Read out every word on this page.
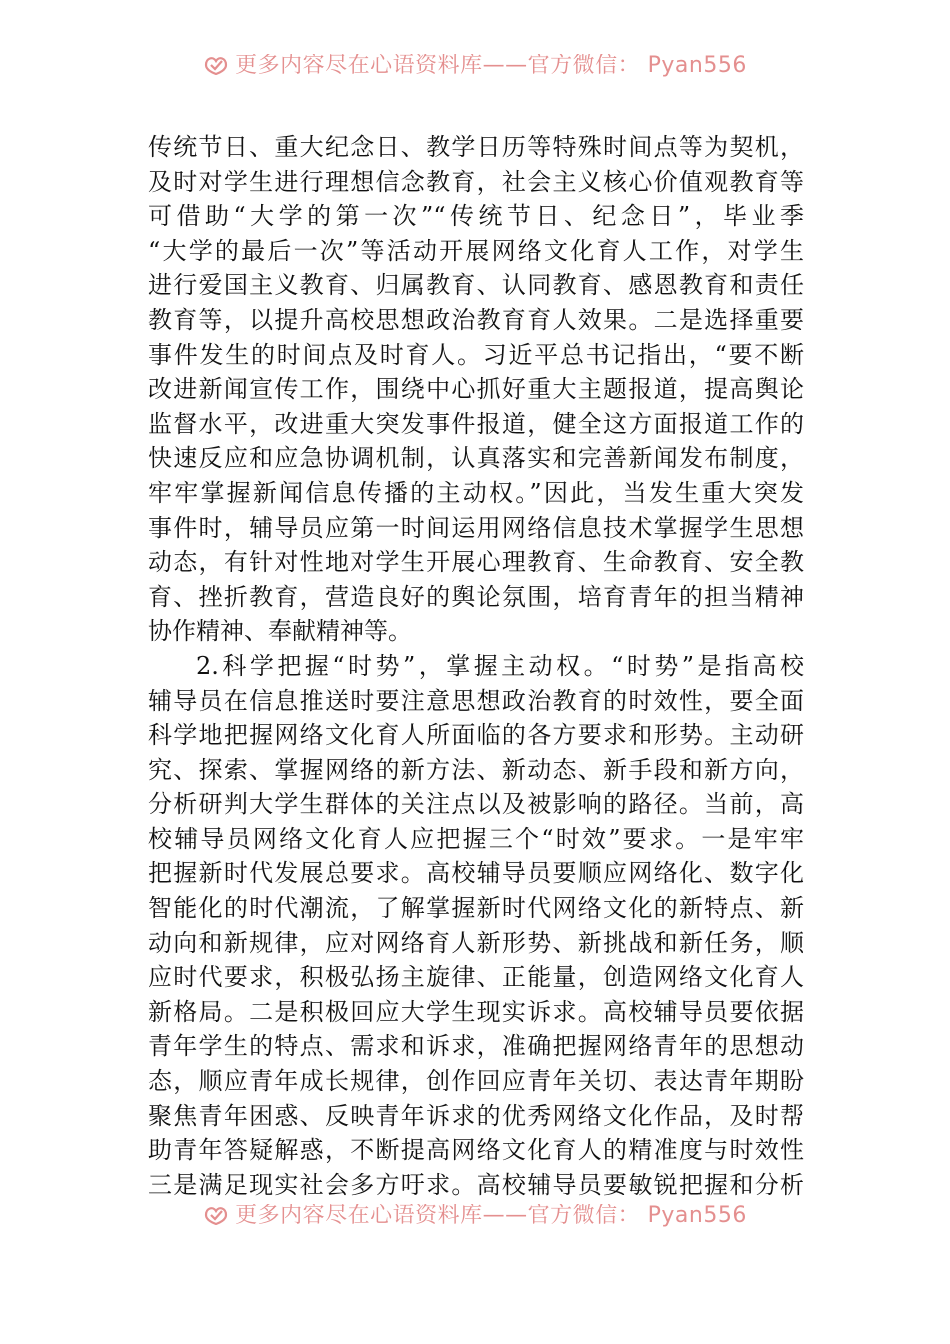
更多内容尽在心语资料库——官方微信： Pyan556
传统节日、重大纪念日、教学日历等特殊时间点等为契机，
及时对学生进行理想信念教育，社会主义核心价值观教育等
可借助“大学的第一次”“传统节日、纪念日”，毕业季
“大学的最后一次”等活动开展网络文化育人工作，对学生
进行爱国主义教育、归属教育、认同教育、感恩教育和责任
教育等，以提升高校思想政治教育育人效果。二是选择重要
事件发生的时间点及时育人。习近平总书记指出，“要不断
改进新闻宣传工作，围绕中心抓好重大主题报道，提高舆论
监督水平，改进重大突发事件报道，健全这方面报道工作的
快速反应和应急协调机制，认真落实和完善新闻发布制度，
牢牢掌握新闻信息传播的主动权。”因此，当发生重大突发
事件时，辅导员应第一时间运用网络信息技术掌握学生思想
动态，有针对性地对学生开展心理教育、生命教育、安全教
育、挫折教育，营造良好的舆论氛围，培育青年的担当精神
协作精神、奉献精神等。
2.科学把握“时势”，掌握主动权。“时势”是指高校
辅导员在信息推送时要注意思想政治教育的时效性，要全面
科学地把握网络文化育人所面临的各方要求和形势。主动研
究、探索、掌握网络的新方法、新动态、新手段和新方向，
分析研判大学生群体的关注点以及被影响的路径。当前，高
校辅导员网络文化育人应把握三个“时效”要求。一是牢牢
把握新时代发展总要求。高校辅导员要顺应网络化、数字化
智能化的时代潮流，了解掌握新时代网络文化的新特点、新
动向和新规律，应对网络育人新形势、新挑战和新任务，顺
应时代要求，积极弘扬主旋律、正能量，创造网络文化育人
新格局。二是积极回应大学生现实诉求。高校辅导员要依据
青年学生的特点、需求和诉求，准确把握网络青年的思想动
态，顺应青年成长规律，创作回应青年关切、表达青年期盼
聚焦青年困惑、反映青年诉求的优秀网络文化作品，及时帮
助青年答疑解惑，不断提高网络文化育人的精准度与时效性
三是满足现实社会多方吁求。高校辅导员要敏锐把握和分析
更多内容尽在心语资料库——官方微信： Pyan556
